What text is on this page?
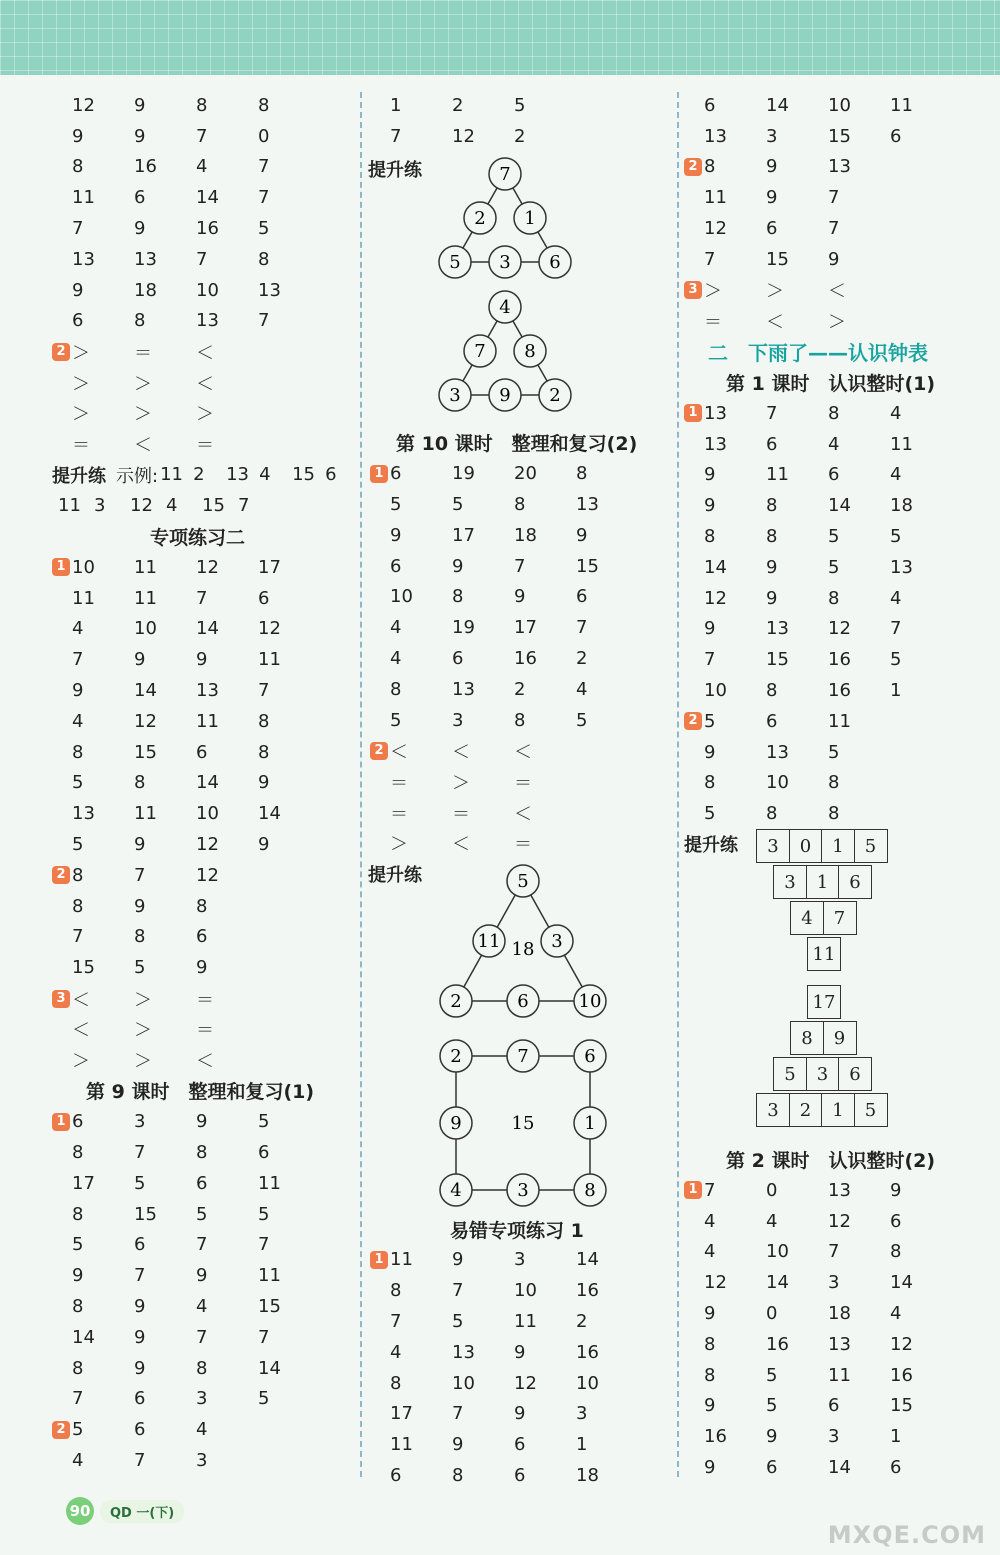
12	9	8	8
9	9	7	0
8	16	4	7
11	6	14	7
7	9	16	5
13	13	7	8
9	18	10	13
6	8	13	7
2 ＞	＝	＜
＞	＞	＜
＞	＞	＞
＝	＜	＝
提升练 示例: 11 2 13 4 15 6
11 3	12 4	15 7
专项练习二
1 10	11	12	17
11	11	7	6
4	10	14	12
7	9	9	11
9	14	13	7
4	12	11	8
8	15	6	8
5	8	14	9
13	11	10	14
5	9	12	9
2 8	7	12
8	9	8
7	8	6
15	5	9
3 ＜	＞	＝
＜	＞	＝
＞	＞	＜
第 9 课时　整理和复习(1)
1 6	3	9	5
8	7	8	6
17	5	6	11
8	15	5	5
5	6	7	7
9	7	9	11
8	9	4	15
14	9	7	7
8	9	8	14
7	6	3	5
2 5	6	4
4	7	3
1	2	5
7	12	2
提升练	7
2 1
5 3 6
4
7 8
3 9 2
第 10 课时　整理和复习(2)
1 6	19	20	8
5	5	8	13
9	17	18	9
6	9	7	15
10	8	9	6
4	19	17	7
4	6	16	2
8	13	2	4
5	3	8	5
2 ＜	＜	＜
＝	＞	＝
＝	＝	＜
＞	＜	＝
提升练	5
11	3
2	6	10
18
2	7	6
9	1
4	3	8
15
易错专项练习 1
1 11	9	3	14
8	7	10	16
7	5	11	2
4	13	9	16
8	10	12	10
17	7	9	3
11	9	6	1
6	8	6	18
6	14	10	11
13	3	15	6
2 8	9	13
11	9	7
12	6	7
7	15	9
3 ＞	＞	＜
＝	＜	＞
二　下雨了——认识钟表
第 1 课时　认识整时(1)
1 13	7	8	4
13	6	4	11
9	11	6	4
9	8	14	18
8	8	5	5
14	9	5	13
12	9	8	4
9	13	12	7
7	15	16	5
10	8	16	1
2 5	6	11
9	13	5
8	10	8
5	8	8
提升练	3	0	1	5
3	1	6
4	7
11
17
8	9
5	3	6
3	2	1	5
第 2 课时　认识整时(2)
1 7	0	13	9
4	4	12	6
4	10	7	8
12	14	3	14
9	0	18	4
8	16	13	12
8	5	11	16
9	5	6	15
16	9	3	1
9	6	14	6
90	QD 一(下)
MXQE.COM
